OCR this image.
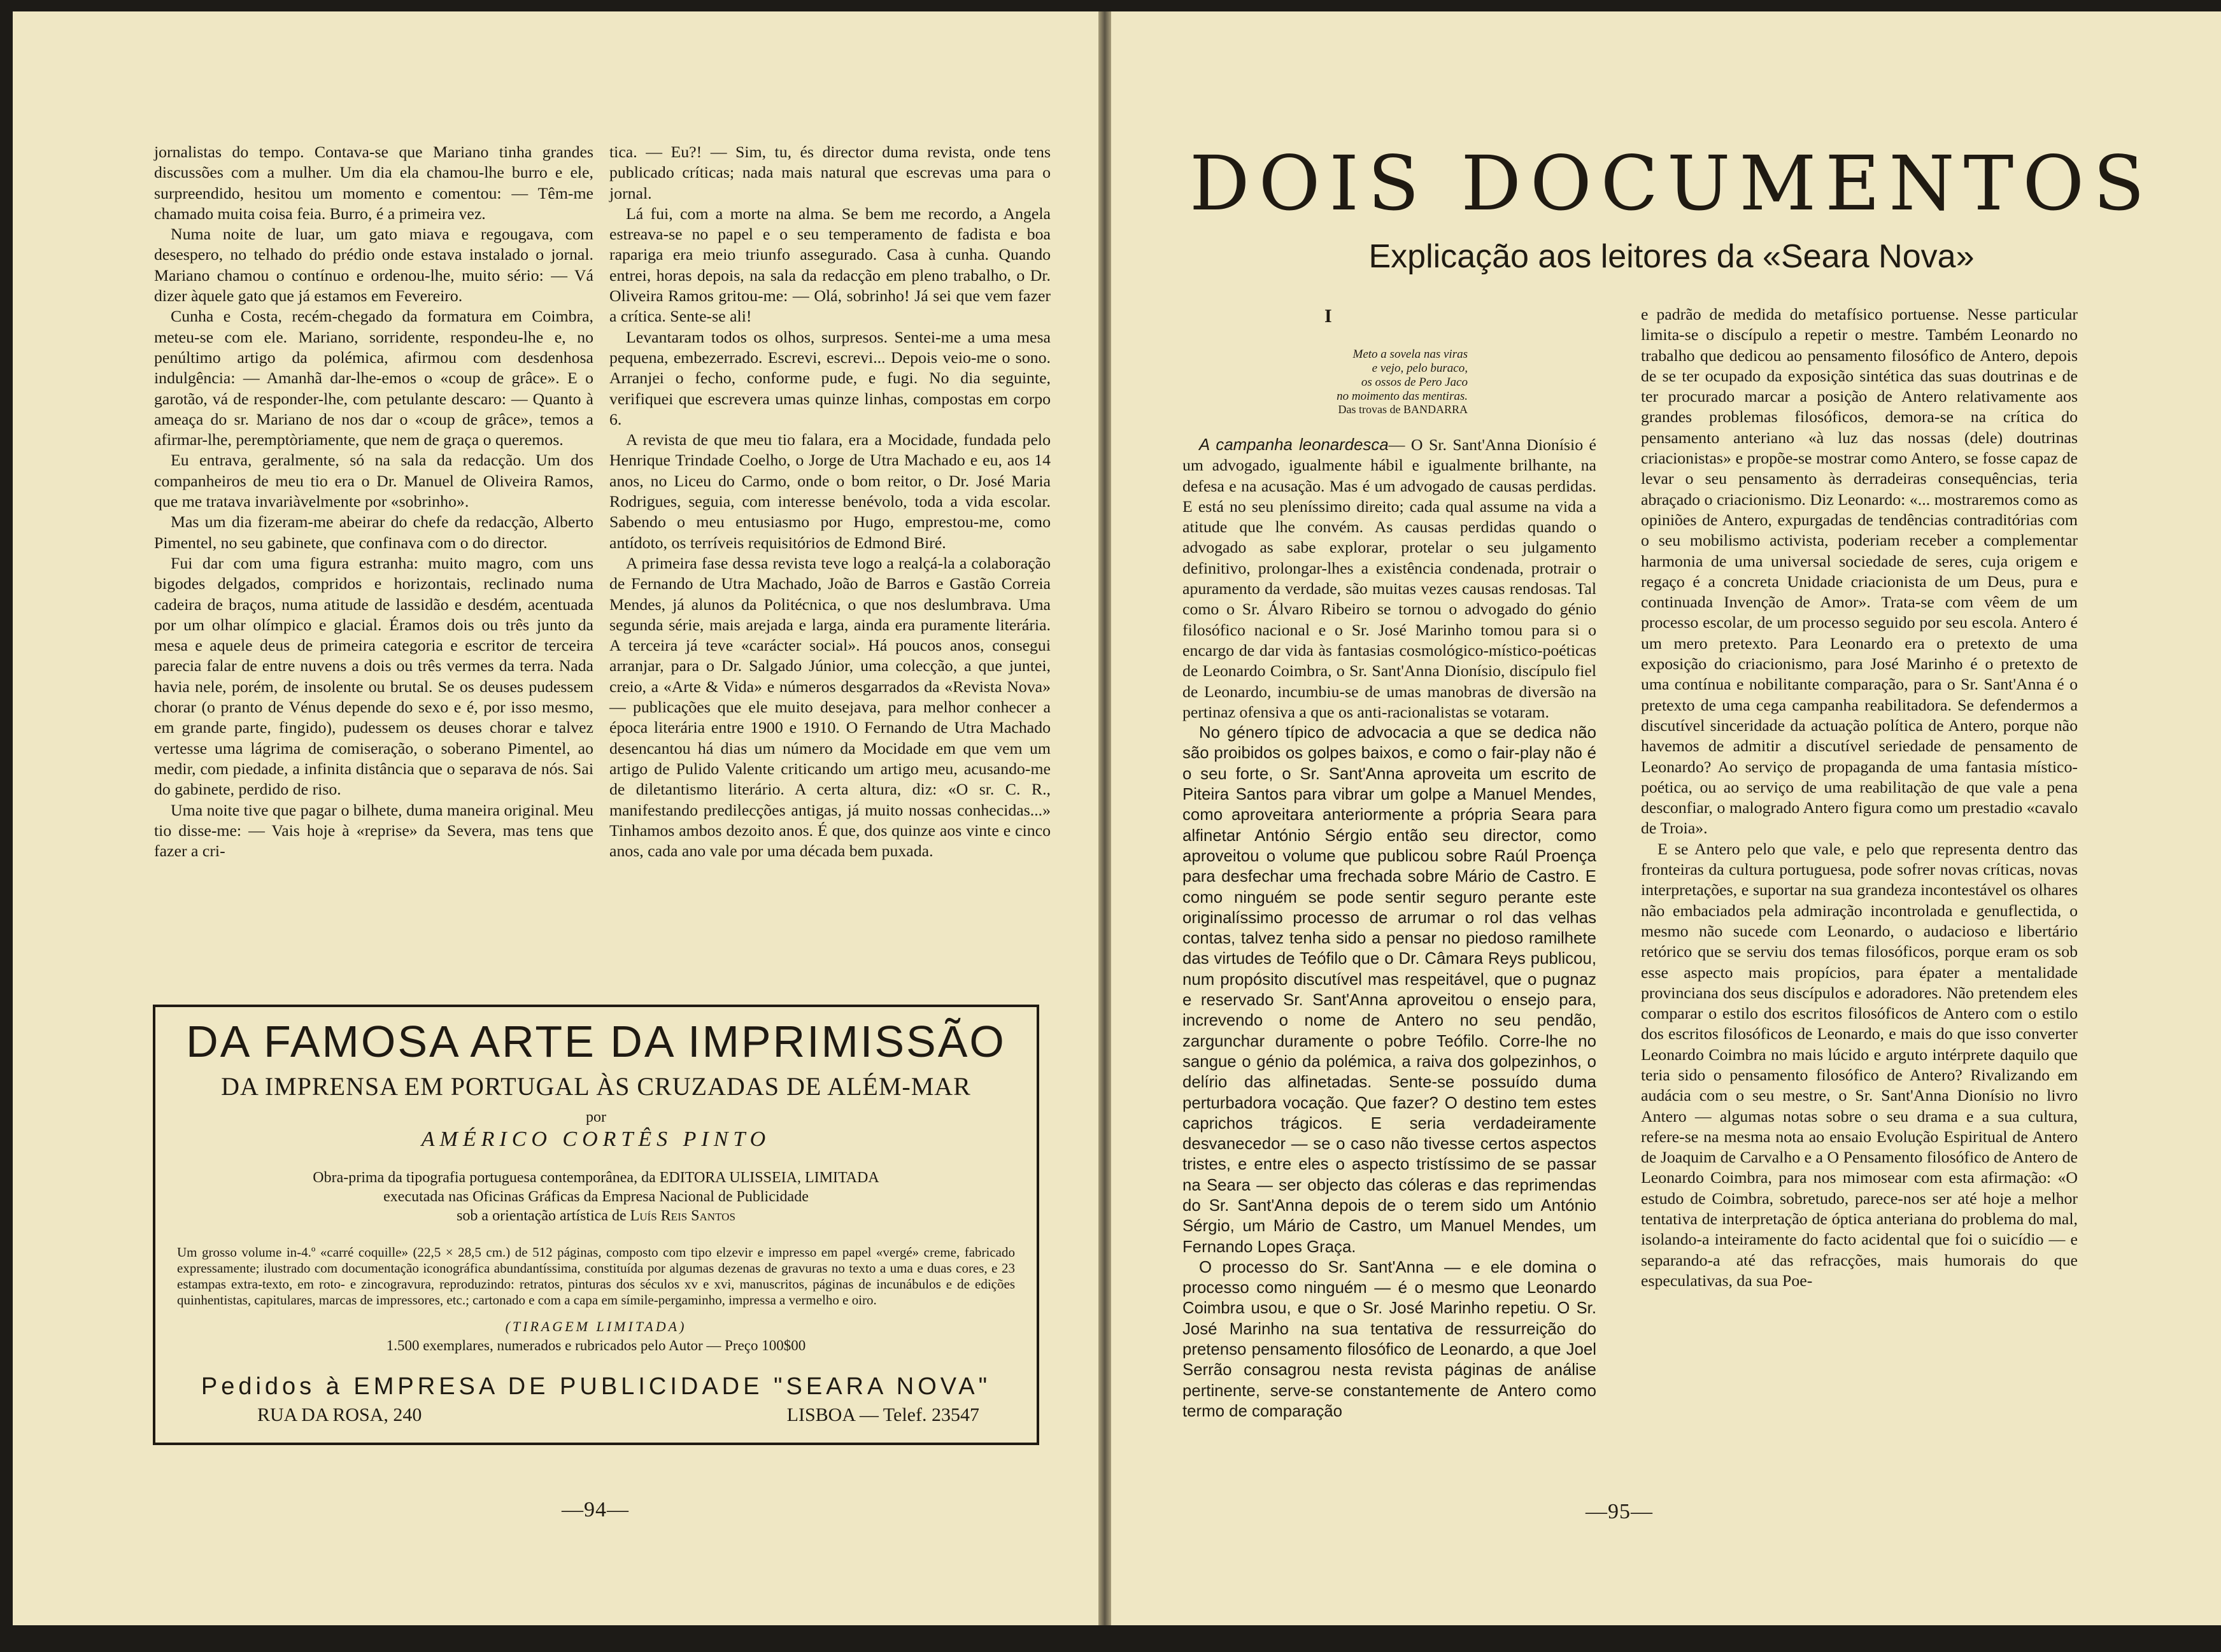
jornalistas do tempo. Contava-se que Mariano tinha grandes discussões com a mulher. Um dia ela chamou-lhe burro e ele, surpreendido, hesitou um momento e comentou: — Têm-me chamado muita coisa feia. Burro, é a primeira vez.

Numa noite de luar, um gato miava e regougava, com desespero, no telhado do prédio onde estava instalado o jornal. Mariano chamou o contínuo e ordenou-lhe, muito sério: — Vá dizer àquele gato que já estamos em Fevereiro.

Cunha e Costa, recém-chegado da formatura em Coimbra, meteu-se com ele. Mariano, sorridente, respondeu-lhe e, no penúltimo artigo da polémica, afirmou com desdenhosa indulgência: — Amanhã dar-lhe-emos o «coup de grâce». E o garotão, vá de responder-lhe, com petulante descaro: — Quanto à ameaça do sr. Mariano de nos dar o «coup de grâce», temos a afirmar-lhe, peremptòriamente, que nem de graça o queremos.

Eu entrava, geralmente, só na sala da redacção. Um dos companheiros de meu tio era o Dr. Manuel de Oliveira Ramos, que me tratava invariàvelmente por «sobrinho».

Mas um dia fizeram-me abeirar do chefe da redacção, Alberto Pimentel, no seu gabinete, que confinava com o do director.

Fui dar com uma figura estranha: muito magro, com uns bigodes delgados, compridos e horizontais, reclinado numa cadeira de braços, numa atitude de lassidão e desdém, acentuada por um olhar olímpico e glacial. Éramos dois ou três junto da mesa e aquele deus de primeira categoria e escritor de terceira parecia falar de entre nuvens a dois ou três vermes da terra. Nada havia nele, porém, de insolente ou brutal. Se os deuses pudessem chorar (o pranto de Vénus depende do sexo e é, por isso mesmo, em grande parte, fingido), pudessem os deuses chorar e talvez vertesse uma lágrima de comiseração, o soberano Pimentel, ao medir, com piedade, a infinita distância que o separava de nós. Sai do gabinete, perdido de riso.

Uma noite tive que pagar o bilhete, duma maneira original. Meu tio disse-me: — Vais hoje à «reprise» da Severa, mas tens que fazer a cri-

tica. — Eu?! — Sim, tu, és director duma revista, onde tens publicado críticas; nada mais natural que escrevas uma para o jornal.

Lá fui, com a morte na alma. Se bem me recordo, a Angela estreava-se no papel e o seu temperamento de fadista e boa rapariga era meio triunfo assegurado. Casa à cunha. Quando entrei, horas depois, na sala da redacção em pleno trabalho, o Dr. Oliveira Ramos gritou-me: — Olá, sobrinho! Já sei que vem fazer a crítica. Sente-se ali!

Levantaram todos os olhos, surpresos. Sentei-me a uma mesa pequena, embezerrado. Escrevi, escrevi... Depois veio-me o sono. Arranjei o fecho, conforme pude, e fugi. No dia seguinte, verifiquei que escrevera umas quinze linhas, compostas em corpo 6.

A revista de que meu tio falara, era a Mocidade, fundada pelo Henrique Trindade Coelho, o Jorge de Utra Machado e eu, aos 14 anos, no Liceu do Carmo, onde o bom reitor, o Dr. José Maria Rodrigues, seguia, com interesse benévolo, toda a vida escolar. Sabendo o meu entusiasmo por Hugo, emprestou-me, como antídoto, os terríveis requisitórios de Edmond Biré.

A primeira fase dessa revista teve logo a realçá-la a colaboração de Fernando de Utra Machado, João de Barros e Gastão Correia Mendes, já alunos da Politécnica, o que nos deslumbrava. Uma segunda série, mais arejada e larga, ainda era puramente literária. A terceira já teve «carácter social». Há poucos anos, consegui arranjar, para o Dr. Salgado Júnior, uma colecção, a que juntei, creio, a «Arte & Vida» e números desgarrados da «Revista Nova» — publicações que ele muito desejava, para melhor conhecer a época literária entre 1900 e 1910. O Fernando de Utra Machado desencantou há dias um número da Mocidade em que vem um artigo de Pulido Valente criticando um artigo meu, acusando-me de diletantismo literário. A certa altura, diz: «O sr. C. R., manifestando predilecções antigas, já muito nossas conhecidas...» Tinhamos ambos dezoito anos. É que, dos quinze aos vinte e cinco anos, cada ano vale por uma década bem puxada.

DA FAMOSA ARTE DA IMPRIMISSÃO
DA IMPRENSA EM PORTUGAL ÀS CRUZADAS DE ALÉM-MAR
por
AMÉRICO CORTÊS PINTO
Obra-prima da tipografia portuguesa contemporânea, da EDITORA ULISSEIA, LIMITADA
executada nas Oficinas Gráficas da Empresa Nacional de Publicidade
sob a orientação artística de Luís Reis Santos
Um grosso volume in-4.º «carré coquille» (22,5 × 28,5 cm.) de 512 páginas, composto com tipo elzevir e impresso em papel «vergé» creme, fabricado expressamente; ilustrado com documentação iconográfica abundantíssima, constituída por algumas dezenas de gravuras no texto a uma e duas cores, e 23 estampas extra-texto, em roto- e zincogravura, reproduzindo: retratos, pinturas dos séculos xv e xvi, manuscritos, páginas de incunábulos e de edições quinhentistas, capitulares, marcas de impressores, etc.; cartonado e com a capa em símile-pergaminho, impressa a vermelho e oiro.
(TIRAGEM LIMITADA)
1.500 exemplares, numerados e rubricados pelo Autor — Preço 100$00
Pedidos à EMPRESA DE PUBLICIDADE "SEARA NOVA"
RUA DA ROSA, 240	LISBOA — Telef. 23547
—94—
DOIS DOCUMENTOS
Explicação aos leitores da «Seara Nova»
I
Meto a sovela nas viras
e vejo, pelo buraco,
os ossos de Pero Jaco
no moimento das mentiras.
Das trovas de BANDARRA

A campanha leonardesca— O Sr. Sant'Anna Dionísio é um advogado, igualmente hábil e igualmente brilhante, na defesa e na acusação. Mas é um advogado de causas perdidas. E está no seu pleníssimo direito; cada qual assume na vida a atitude que lhe convém. As causas perdidas quando o advogado as sabe explorar, protelar o seu julgamento definitivo, prolongar-lhes a existência condenada, protrair o apuramento da verdade, são muitas vezes causas rendosas. Tal como o Sr. Álvaro Ribeiro se tornou o advogado do génio filosófico nacional e o Sr. José Marinho tomou para si o encargo de dar vida às fantasias cosmológico-místico-poéticas de Leonardo Coimbra, o Sr. Sant'Anna Dionísio, discípulo fiel de Leonardo, incumbiu-se de umas manobras de diversão na pertinaz ofensiva a que os anti-racionalistas se votaram.

No género típico de advocacia a que se dedica não são proibidos os golpes baixos, e como o fair-play não é o seu forte, o Sr. Sant'Anna aproveita um escrito de Piteira Santos para vibrar um golpe a Manuel Mendes, como aproveitara anteriormente a própria Seara para alfinetar António Sérgio então seu director, como aproveitou o volume que publicou sobre Raúl Proença para desfechar uma frechada sobre Mário de Castro. E como ninguém se pode sentir seguro perante este originalíssimo processo de arrumar o rol das velhas contas, talvez tenha sido a pensar no piedoso ramilhete das virtudes de Teófilo que o Dr. Câmara Reys publicou, num propósito discutível mas respeitável, que o pugnaz e reservado Sr. Sant'Anna aproveitou o ensejo para, increvendo o nome de Antero no seu pendão, zargunchar duramente o pobre Teófilo. Corre-lhe no sangue o génio da polémica, a raiva dos golpezinhos, o delírio das alfinetadas. Sente-se possuído duma perturbadora vocação. Que fazer? O destino tem estes caprichos trágicos. E seria verdadeiramente desvanecedor — se o caso não tivesse certos aspectos tristes, e entre eles o aspecto tristíssimo de se passar na Seara — ser objecto das cóleras e das reprimendas do Sr. Sant'Anna depois de o terem sido um António Sérgio, um Mário de Castro, um Manuel Mendes, um Fernando Lopes Graça.

O processo do Sr. Sant'Anna — e ele domina o processo como ninguém — é o mesmo que Leonardo Coimbra usou, e que o Sr. José Marinho repetiu. O Sr. José Marinho na sua tentativa de ressurreição do pretenso pensamento filosófico de Leonardo, a que Joel Serrão consagrou nesta revista páginas de análise pertinente, serve-se constantemente de Antero como termo de comparação

e padrão de medida do metafísico portuense. Nesse particular limita-se o discípulo a repetir o mestre. Também Leonardo no trabalho que dedicou ao pensamento filosófico de Antero, depois de se ter ocupado da exposição sintética das suas doutrinas e de ter procurado marcar a posição de Antero relativamente aos grandes problemas filosóficos, demora-se na crítica do pensamento anteriano «à luz das nossas (dele) doutrinas criacionistas» e propõe-se mostrar como Antero, se fosse capaz de levar o seu pensamento às derradeiras consequências, teria abraçado o criacionismo. Diz Leonardo: «... mostraremos como as opiniões de Antero, expurgadas de tendências contraditórias com o seu mobilismo activista, poderiam receber a complementar harmonia de uma universal sociedade de seres, cuja origem e regaço é a concreta Unidade criacionista de um Deus, pura e continuada Invenção de Amor». Trata-se com vêem de um processo escolar, de um processo seguido por seu escola. Antero é um mero pretexto. Para Leonardo era o pretexto de uma exposição do criacionismo, para José Marinho é o pretexto de uma contínua e nobilitante comparação, para o Sr. Sant'Anna é o pretexto de uma cega campanha reabilitadora. Se defendermos a discutível sinceridade da actuação política de Antero, porque não havemos de admitir a discutível seriedade de pensamento de Leonardo? Ao serviço de propaganda de uma fantasia místico-poética, ou ao serviço de uma reabilitação de que vale a pena desconfiar, o malogrado Antero figura como um prestadio «cavalo de Troia».

E se Antero pelo que vale, e pelo que representa dentro das fronteiras da cultura portuguesa, pode sofrer novas críticas, novas interpretações, e suportar na sua grandeza incontestável os olhares não embaciados pela admiração incontrolada e genuflectida, o mesmo não sucede com Leonardo, o audacioso e libertário retórico que se serviu dos temas filosóficos, porque eram os sob esse aspecto mais propícios, para épater a mentalidade provinciana dos seus discípulos e adoradores. Não pretendem eles comparar o estilo dos escritos filosóficos de Antero com o estilo dos escritos filosóficos de Leonardo, e mais do que isso converter Leonardo Coimbra no mais lúcido e arguto intérprete daquilo que teria sido o pensamento filosófico de Antero? Rivalizando em audácia com o seu mestre, o Sr. Sant'Anna Dionísio no livro Antero — algumas notas sobre o seu drama e a sua cultura, refere-se na mesma nota ao ensaio Evolução Espiritual de Antero de Joaquim de Carvalho e a O Pensamento filosófico de Antero de Leonardo Coimbra, para nos mimosear com esta afirmação: «O estudo de Coimbra, sobretudo, parece-nos ser até hoje a melhor tentativa de interpretação de óptica anteriana do problema do mal, isolando-a inteiramente do facto acidental que foi o suicídio — e separando-a até das refracções, mais humorais do que especulativas, da sua Poe-

—95—
